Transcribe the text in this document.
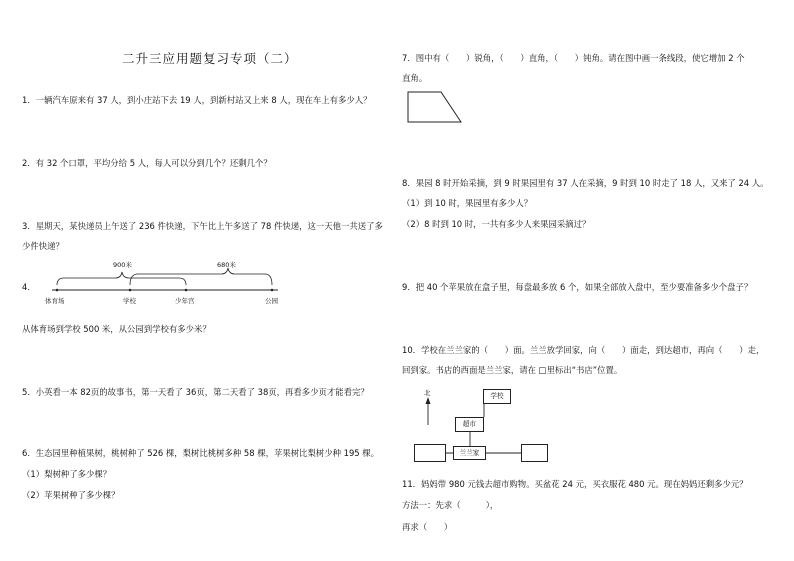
二升三应用题复习专项（二）
1．一辆汽车原来有 37 人，到小庄站下去 19 人，到新村站又上来 8 人，现在车上有多少人？
2．有 32 个口罩，平均分给 5 人，每人可以分到几个？还剩几个？
3．星期天，某快递员上午送了 236 件快递，下午比上午多送了 78 件快递，这一天他一共送了多
少件快递？
4．
900米	680米
体育场	学校	少年宫	公园
从体育场到学校 500 米，从公园到学校有多少米？
5．小英看一本 82页的故事书，第一天看了 36页，第二天看了 38页，再看多少页才能看完？
6．生态园里种植果树，桃树种了 526 棵，梨树比桃树多种 58 棵，苹果树比梨树少种 195 棵。
（1）梨树种了多少棵？
（2）苹果树种了多少棵？
7．图中有（　　）锐角，（　　）直角，（　　）钝角。请在图中画一条线段，使它增加 2 个
直角。
8．果园 8 时开始采摘，到 9 时果园里有 37 人在采摘，9 时到 10 时走了 18 人，又来了 24 人。
（1）到 10 时，果园里有多少人？
（2）8 时到 10 时，一共有多少人来果园采摘过？
9．把 40 个苹果放在盒子里，每盘最多放 6 个，如果全部放入盘中，至少要准备多少个盘子？
10．学校在兰兰家的（　　）面。兰兰放学回家，向（　　）面走，到达超市，再向（　　）走，
回到家。书店的西面是兰兰家，请在 □里标出“书店”位置。
北	学校
超市
兰兰家
11．妈妈带 980 元钱去超市购物。买盆花 24 元，买衣服花 480 元。现在妈妈还剩多少元？
方法一：先求（　　　），
再求（　　）
